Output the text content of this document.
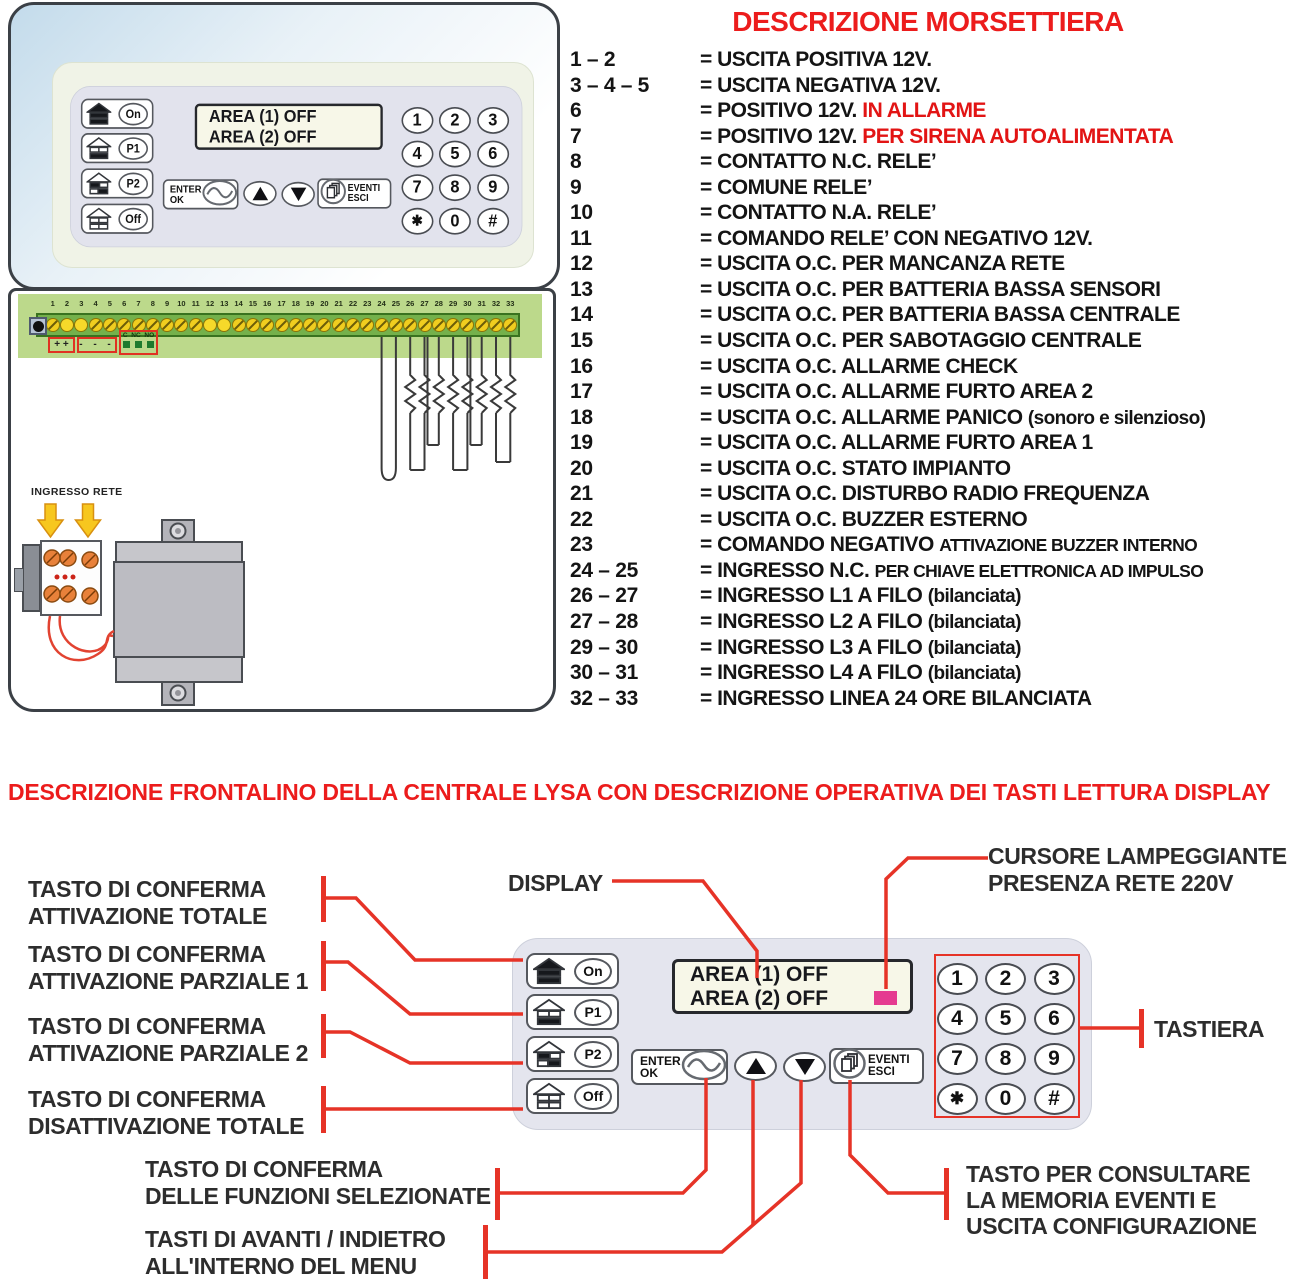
On
P1
P2
Off
AREA (1) OFF
AREA (2) OFF
ENTER
OK
EVENTI
ESCI
1	2	3
4	5	6
7	8	9
✱	0	#
1	2	3	4	5	6	7	8	9	10 11 12 13 14 15 16 17 18 19 20 21 22 23 24 25 26 27 28 29 30 31 32 33
+ +	- - -
C NC NO
INGRESSO RETE
DESCRIZIONE MORSETTIERA
1 – 2	= USCITA POSITIVA 12V.
3 – 4 – 5	= USCITA NEGATIVA 12V.
6	= POSITIVO 12V. IN ALLARME
7	= POSITIVO 12V. PER SIRENA AUTOALIMENTATA
8	= CONTATTO N.C. RELE’
9	= COMUNE RELE’
10	= CONTATTO N.A. RELE’
11	= COMANDO RELE’ CON NEGATIVO 12V.
12	= USCITA O.C. PER MANCANZA RETE
13	= USCITA O.C. PER BATTERIA BASSA SENSORI
14	= USCITA O.C. PER BATTERIA BASSA CENTRALE
15	= USCITA O.C. PER SABOTAGGIO CENTRALE
16	= USCITA O.C. ALLARME CHECK
17	= USCITA O.C. ALLARME FURTO AREA 2
18	= USCITA O.C. ALLARME PANICO (sonoro e silenzioso)
19	= USCITA O.C. ALLARME FURTO AREA 1
20	= USCITA O.C. STATO IMPIANTO
21	= USCITA O.C. DISTURBO RADIO FREQUENZA
22	= USCITA O.C. BUZZER ESTERNO
23	= COMANDO NEGATIVO ATTIVAZIONE BUZZER INTERNO
24 – 25	= INGRESSO N.C. PER CHIAVE ELETTRONICA AD IMPULSO
26 – 27	= INGRESSO L1 A FILO (bilanciata)
27 – 28	= INGRESSO L2 A FILO (bilanciata)
29 – 30	= INGRESSO L3 A FILO (bilanciata)
30 – 31	= INGRESSO L4 A FILO (bilanciata)
32 – 33	= INGRESSO LINEA 24 ORE BILANCIATA
DESCRIZIONE FRONTALINO DELLA CENTRALE LYSA CON DESCRIZIONE OPERATIVA DEI TASTI LETTURA DISPLAY
On
P1
P2
Off
AREA (1) OFF
AREA (2) OFF
ENTER
OK
EVENTI
ESCI
1	2	3
4	5	6
7	8	9
✱	0	#
TASTO DI CONFERMA
ATTIVAZIONE TOTALE
TASTO DI CONFERMA
ATTIVAZIONE PARZIALE 1
TASTO DI CONFERMA
ATTIVAZIONE PARZIALE 2
TASTO DI CONFERMA
DISATTIVAZIONE TOTALE
DISPLAY
CURSORE LAMPEGGIANTE
PRESENZA RETE 220V
TASTIERA
TASTO DI CONFERMA
DELLE FUNZIONI SELEZIONATE
TASTI DI AVANTI / INDIETRO
ALL'INTERNO DEL MENU
TASTO PER CONSULTARE
LA MEMORIA EVENTI E
USCITA CONFIGURAZIONE
